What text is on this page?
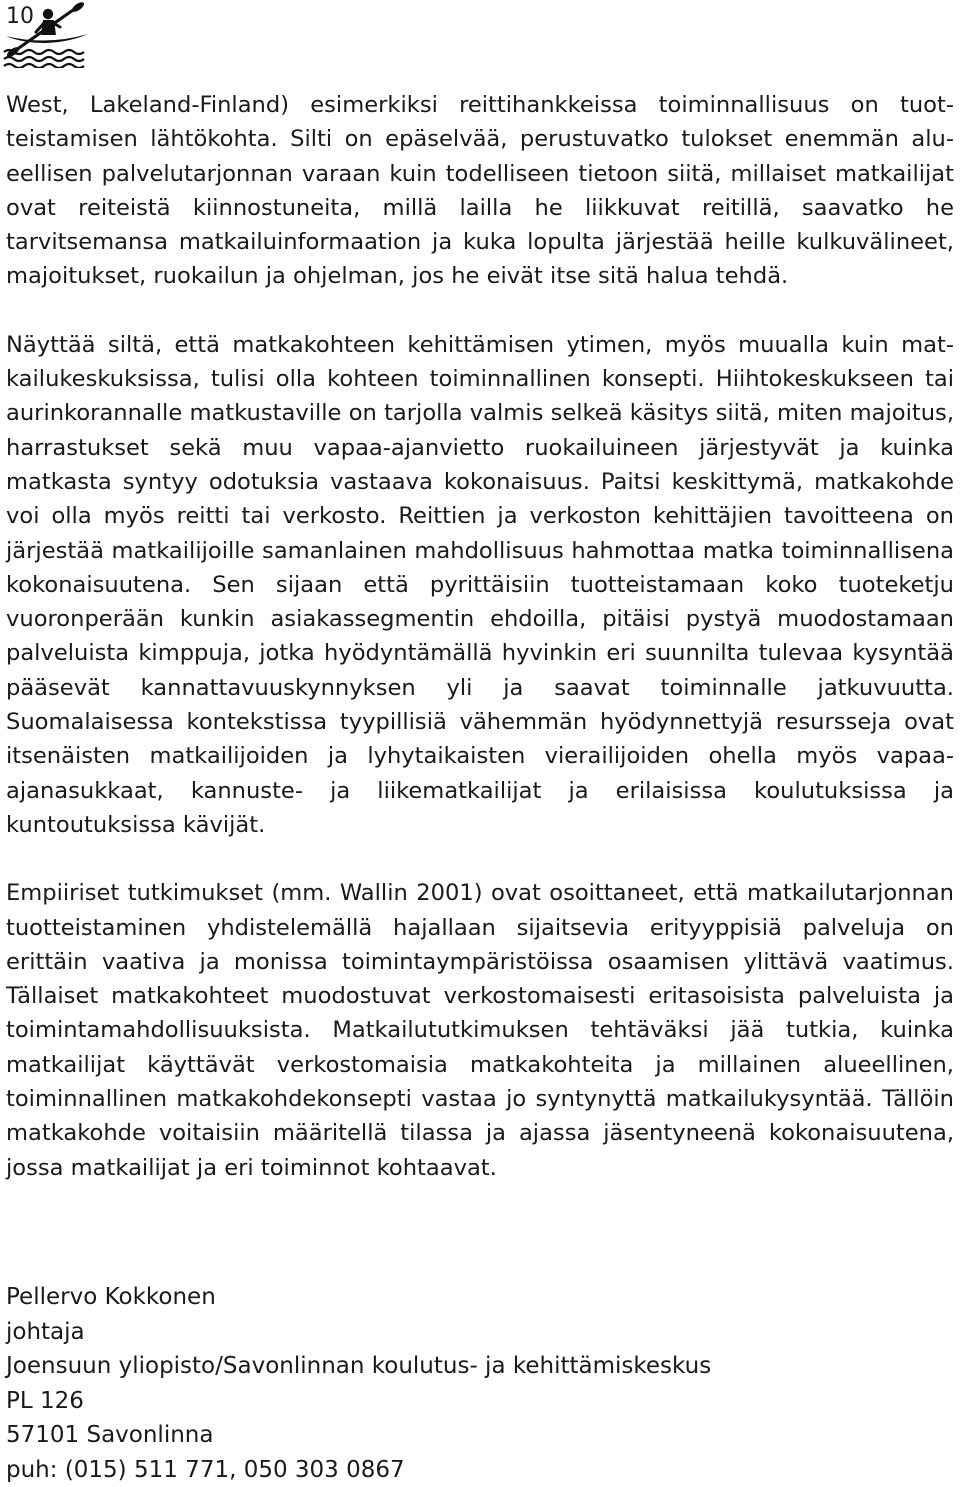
10

West, Lakeland-Finland) esimerkiksi reittihankkeissa toiminnallisuus on tuotteistamisen lähtökohta. Silti on epäselvää, perustuvatko tulokset enemmän alueellisen palvelutarjonnan varaan kuin todelliseen tietoon siitä, millaiset matkailijat ovat reiteistä kiinnostuneita, millä lailla he liikkuvat reitillä, saavatko he tarvitsemansa matkailuinformaation ja kuka lopulta järjestää heille kulkuvälineet, majoitukset, ruokailun ja ohjelman, jos he eivät itse sitä halua tehdä.

Näyttää siltä, että matkakohteen kehittämisen ytimen, myös muualla kuin matkailukeskuksissa, tulisi olla kohteen toiminnallinen konsepti. Hiihtokeskukseen tai aurinkorannalle matkustaville on tarjolla valmis selkeä käsitys siitä, miten majoitus, harrastukset sekä muu vapaa-ajanvietto ruokailuineen järjestyvät ja kuinka matkasta syntyy odotuksia vastaava kokonaisuus. Paitsi keskittymä, matkakohde voi olla myös reitti tai verkosto. Reittien ja verkoston kehittäjien tavoitteena on järjestää matkailijoille samanlainen mahdollisuus hahmottaa matka toiminnallisena kokonaisuutena. Sen sijaan että pyrittäisiin tuotteistamaan koko tuoteketju vuoronperään kunkin asiakassegmentin ehdoilla, pitäisi pystyä muodostamaan palveluista kimppuja, jotka hyödyntämällä hyvinkin eri suunnilta tulevaa kysyntää pääsevät kannattavuuskynnyksen yli ja saavat toiminnalle jatkuvuutta. Suomalaisessa kontekstissa tyypillisiä vähemmän hyödynnettyjä resursseja ovat itsenäisten matkailijoiden ja lyhytaikaisten vierailijoiden ohella myös vapaa-ajanasukkaat, kannuste- ja liikematkailijat ja erilaisissa koulutuksissa ja kuntoutuksissa kävijät.

Empiiriset tutkimukset (mm. Wallin 2001) ovat osoittaneet, että matkailutarjonnan tuotteistaminen yhdistelemällä hajallaan sijaitsevia erityyppisiä palveluja on erittäin vaativa ja monissa toimintaympäristöissa osaamisen ylittävä vaatimus. Tällaiset matkakohteet muodostuvat verkostomaisesti eritasoisista palveluista ja toimintamahdollisuuksista. Matkailututkimuksen tehtäväksi jää tutkia, kuinka matkailijat käyttävät verkostomaisia matkakohteita ja millainen alueellinen, toiminnallinen matkakohdekonsepti vastaa jo syntynyttä matkailukysyntää. Tällöin matkakohde voitaisiin määritellä tilassa ja ajassa jäsentyneenä kokonaisuutena, jossa matkailijat ja eri toiminnot kohtaavat.

Pellervo Kokkonen
johtaja
Joensuun yliopisto/Savonlinnan koulutus- ja kehittämiskeskus
PL 126
57101 Savonlinna
puh: (015) 511 771, 050 303 0867
